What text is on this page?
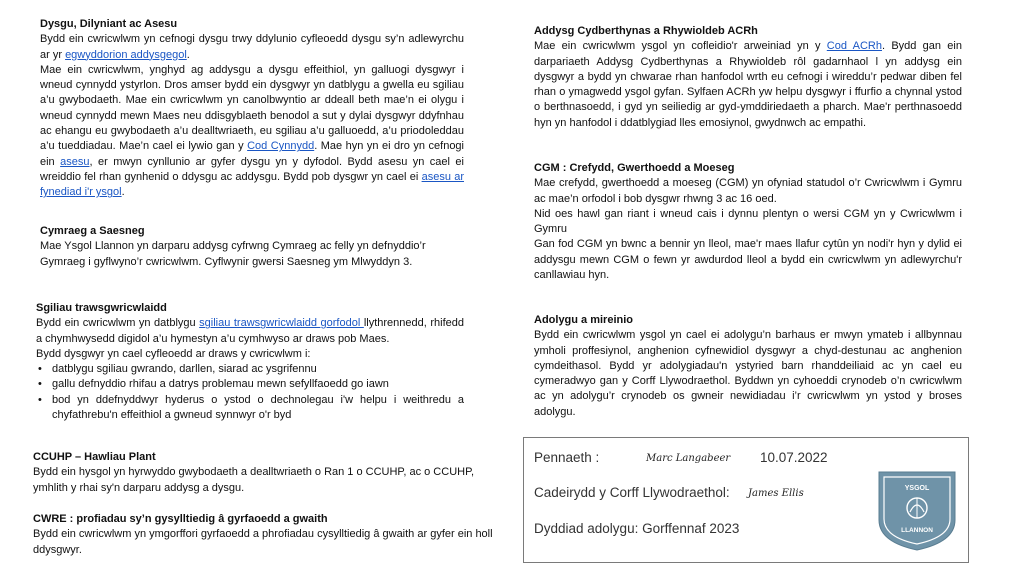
Dysgu, Dilyniant ac Asesu

Bydd ein cwricwlwm yn cefnogi dysgu trwy ddylunio cyfleoedd dysgu sy’n adlewyrchu ar yr egwyddorion addysgegol.

Mae ein cwricwlwm, ynghyd ag addysgu a dysgu effeithiol, yn galluogi dysgwyr i wneud cynnydd ystyrlon. Dros amser bydd ein dysgwyr yn datblygu a gwella eu sgiliau a’u gwybodaeth. Mae ein cwricwlwm yn canolbwyntio ar ddeall beth mae’n ei olygu i wneud cynnydd mewn Maes neu ddisgyblaeth benodol a sut y dylai dysgwyr ddyfnhau ac ehangu eu gwybodaeth a’u dealltwriaeth, eu sgiliau a’u galluoedd, a’u priodoleddau a’u tueddiadau. Mae’n cael ei lywio gan y Cod Cynnydd. Mae hyn yn ei dro yn cefnogi ein asesu, er mwyn cynllunio ar gyfer dysgu yn y dyfodol. Bydd asesu yn cael ei wreiddio fel rhan gynhenid o ddysgu ac addysgu. Bydd pob dysgwr yn cael ei asesu ar fynediad i'r ysgol.

Cymraeg a Saesneg

Mae Ysgol Llannon yn darparu addysg cyfrwng Cymraeg ac felly yn defnyddio’r Gymraeg i gyflwyno’r cwricwlwm. Cyflwynir gwersi Saesneg ym Mlwyddyn 3.

Sgiliau trawsgwricwlaidd

Bydd ein cwricwlwm yn datblygu sgiliau trawsgwricwlaidd gorfodol llythrennedd, rhifedd a chymhwysedd digidol a’u hymestyn a’u cymhwyso ar draws pob Maes.

Bydd dysgwyr yn cael cyfleoedd ar draws y cwricwlwm i:

• datblygu sgiliau gwrando, darllen, siarad ac ysgrifennu
• gallu defnyddio rhifau a datrys problemau mewn sefyllfaoedd go iawn
• bod yn ddefnyddwyr hyderus o ystod o dechnolegau i'w helpu i weithredu a chyfathrebu'n effeithiol a gwneud synnwyr o'r byd

CCUHP – Hawliau Plant

Bydd ein hysgol yn hyrwyddo gwybodaeth a dealltwriaeth o Ran 1 o CCUHP, ac o CCUHP, ymhlith y rhai sy'n darparu addysg a dysgu.

CWRE : profiadau sy’n gysylltiedig â gyrfaoedd a gwaith

Bydd ein cwricwlwm yn ymgorffori gyrfaoedd a phrofiadau cysylltiedig â gwaith ar gyfer ein holl ddysgwyr.

Addysg Cydberthynas a Rhywioldeb ACRh

Mae ein cwricwlwm ysgol yn cofleidio'r arweiniad yn y Cod ACRh. Bydd gan ein darpariaeth Addysg Cydberthynas a Rhywioldeb rôl gadarnhaol l yn addysg ein dysgwyr a bydd yn chwarae rhan hanfodol wrth eu cefnogi i wireddu’r pedwar diben fel rhan o ymagwedd ysgol gyfan. Sylfaen ACRh yw helpu dysgwyr i ffurfio a chynnal ystod o berthnasoedd, i gyd yn seiliedig ar gyd-ymddiriedaeth a pharch. Mae'r perthnasoedd hyn yn hanfodol i ddatblygiad lles emosiynol, gwydnwch ac empathi.

CGM : Crefydd, Gwerthoedd a Moeseg

Mae crefydd, gwerthoedd a moeseg (CGM) yn ofyniad statudol o’r Cwricwlwm i Gymru ac mae’n orfodol i bob dysgwr rhwng 3 ac 16 oed.

Nid oes hawl gan riant i wneud cais i dynnu plentyn o wersi CGM yn y Cwricwlwm i Gymru

Gan fod CGM yn bwnc a bennir yn lleol, mae'r maes llafur cytûn yn nodi'r hyn y dylid ei addysgu mewn CGM o fewn yr awdurdod lleol a bydd ein cwricwlwm yn adlewyrchu'r canllawiau hyn.

Adolygu a mireinio

Bydd ein cwricwlwm ysgol yn cael ei adolygu’n barhaus er mwyn ymateb i allbynnau ymholi proffesiynol, anghenion cyfnewidiol dysgwyr a chyd-destunau ac anghenion cymdeithasol. Bydd yr adolygiadau'n ystyried barn rhanddeiliaid ac yn cael eu cymeradwyo gan y Corff Llywodraethol. Byddwn yn cyhoeddi crynodeb o’n cwricwlwm ac yn adolygu’r crynodeb os gwneir newidiadau i’r cwricwlwm yn ystod y broses adolygu.

Pennaeth :	Marc Langabeer 10.07.2022
Cadeirydd y Corff Llywodraethol: James Ellis
Dyddiad adolygu: Gorffennaf 2023
YSGOL
LLANNON
